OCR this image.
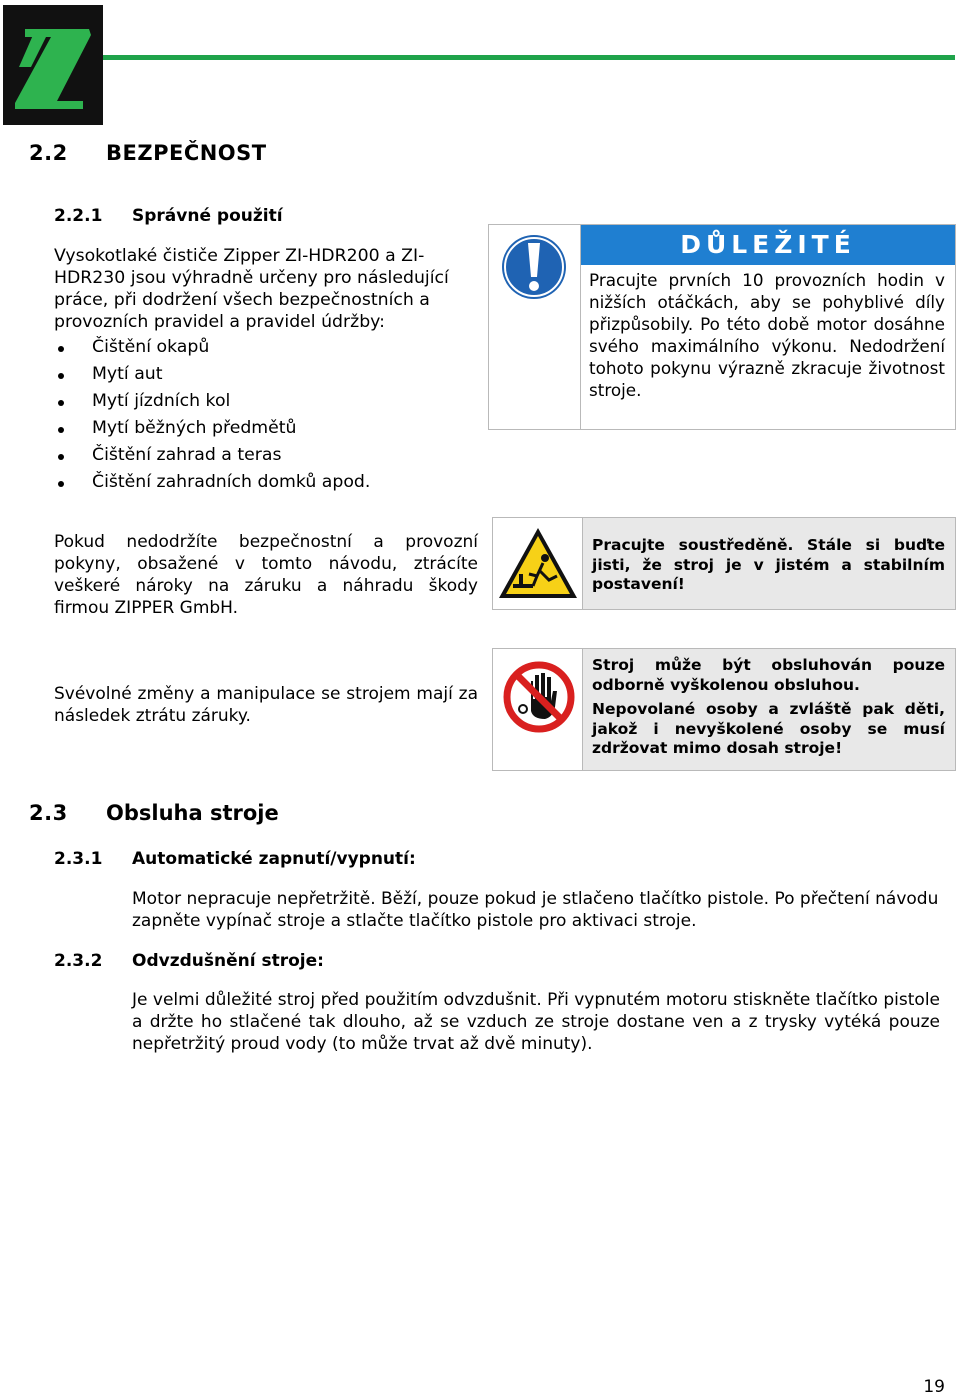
2.2 BEZPEČNOST
2.2.1 Správné použití
Vysokotlaké čističe Zipper ZI-HDR200 a ZI-HDR230 jsou výhradně určeny pro následující práce, při dodržení všech bezpečnostních a provozních pravidel a pravidel údržby:
Čištění okapů
Mytí aut
Mytí jízdních kol
Mytí běžných předmětů
Čištění zahrad a teras
Čištění zahradních domků apod.
DŮLEŽITÉ
Pracujte prvních 10 provozních hodin v nižších otáčkách, aby se pohyblivé díly přizpůsobily. Po této době motor dosáhne svého maximálního výkonu. Nedodržení tohoto pokynu výrazně zkracuje životnost stroje.
Pokud nedodržíte bezpečnostní a provozní pokyny, obsažené v tomto návodu, ztrácíte veškeré nároky na záruku a náhradu škody firmou ZIPPER GmbH.
Pracujte soustředěně. Stále si buďte jisti, že stroj je v jistém a stabilním postavení!
Svévolné změny a manipulace se strojem mají za následek ztrátu záruky.
Stroj může být obsluhován pouze odborně vyškolenou obsluhou.
Nepovolané osoby a zvláště pak děti, jakož i nevyškolené osoby se musí zdržovat mimo dosah stroje!
2.3 Obsluha stroje
2.3.1 Automatické zapnutí/vypnutí:
Motor nepracuje nepřetržitě. Běží, pouze pokud je stlačeno tlačítko pistole. Po přečtení návodu zapněte vypínač stroje a stlačte tlačítko pistole pro aktivaci stroje.
2.3.2 Odvzdušnění stroje:
Je velmi důležité stroj před použitím odvzdušnit. Při vypnutém motoru stiskněte tlačítko pistole a držte ho stlačené tak dlouho, až se vzduch ze stroje dostane ven a z trysky vytéká pouze nepřetržitý proud vody (to může trvat až dvě minuty).
19
